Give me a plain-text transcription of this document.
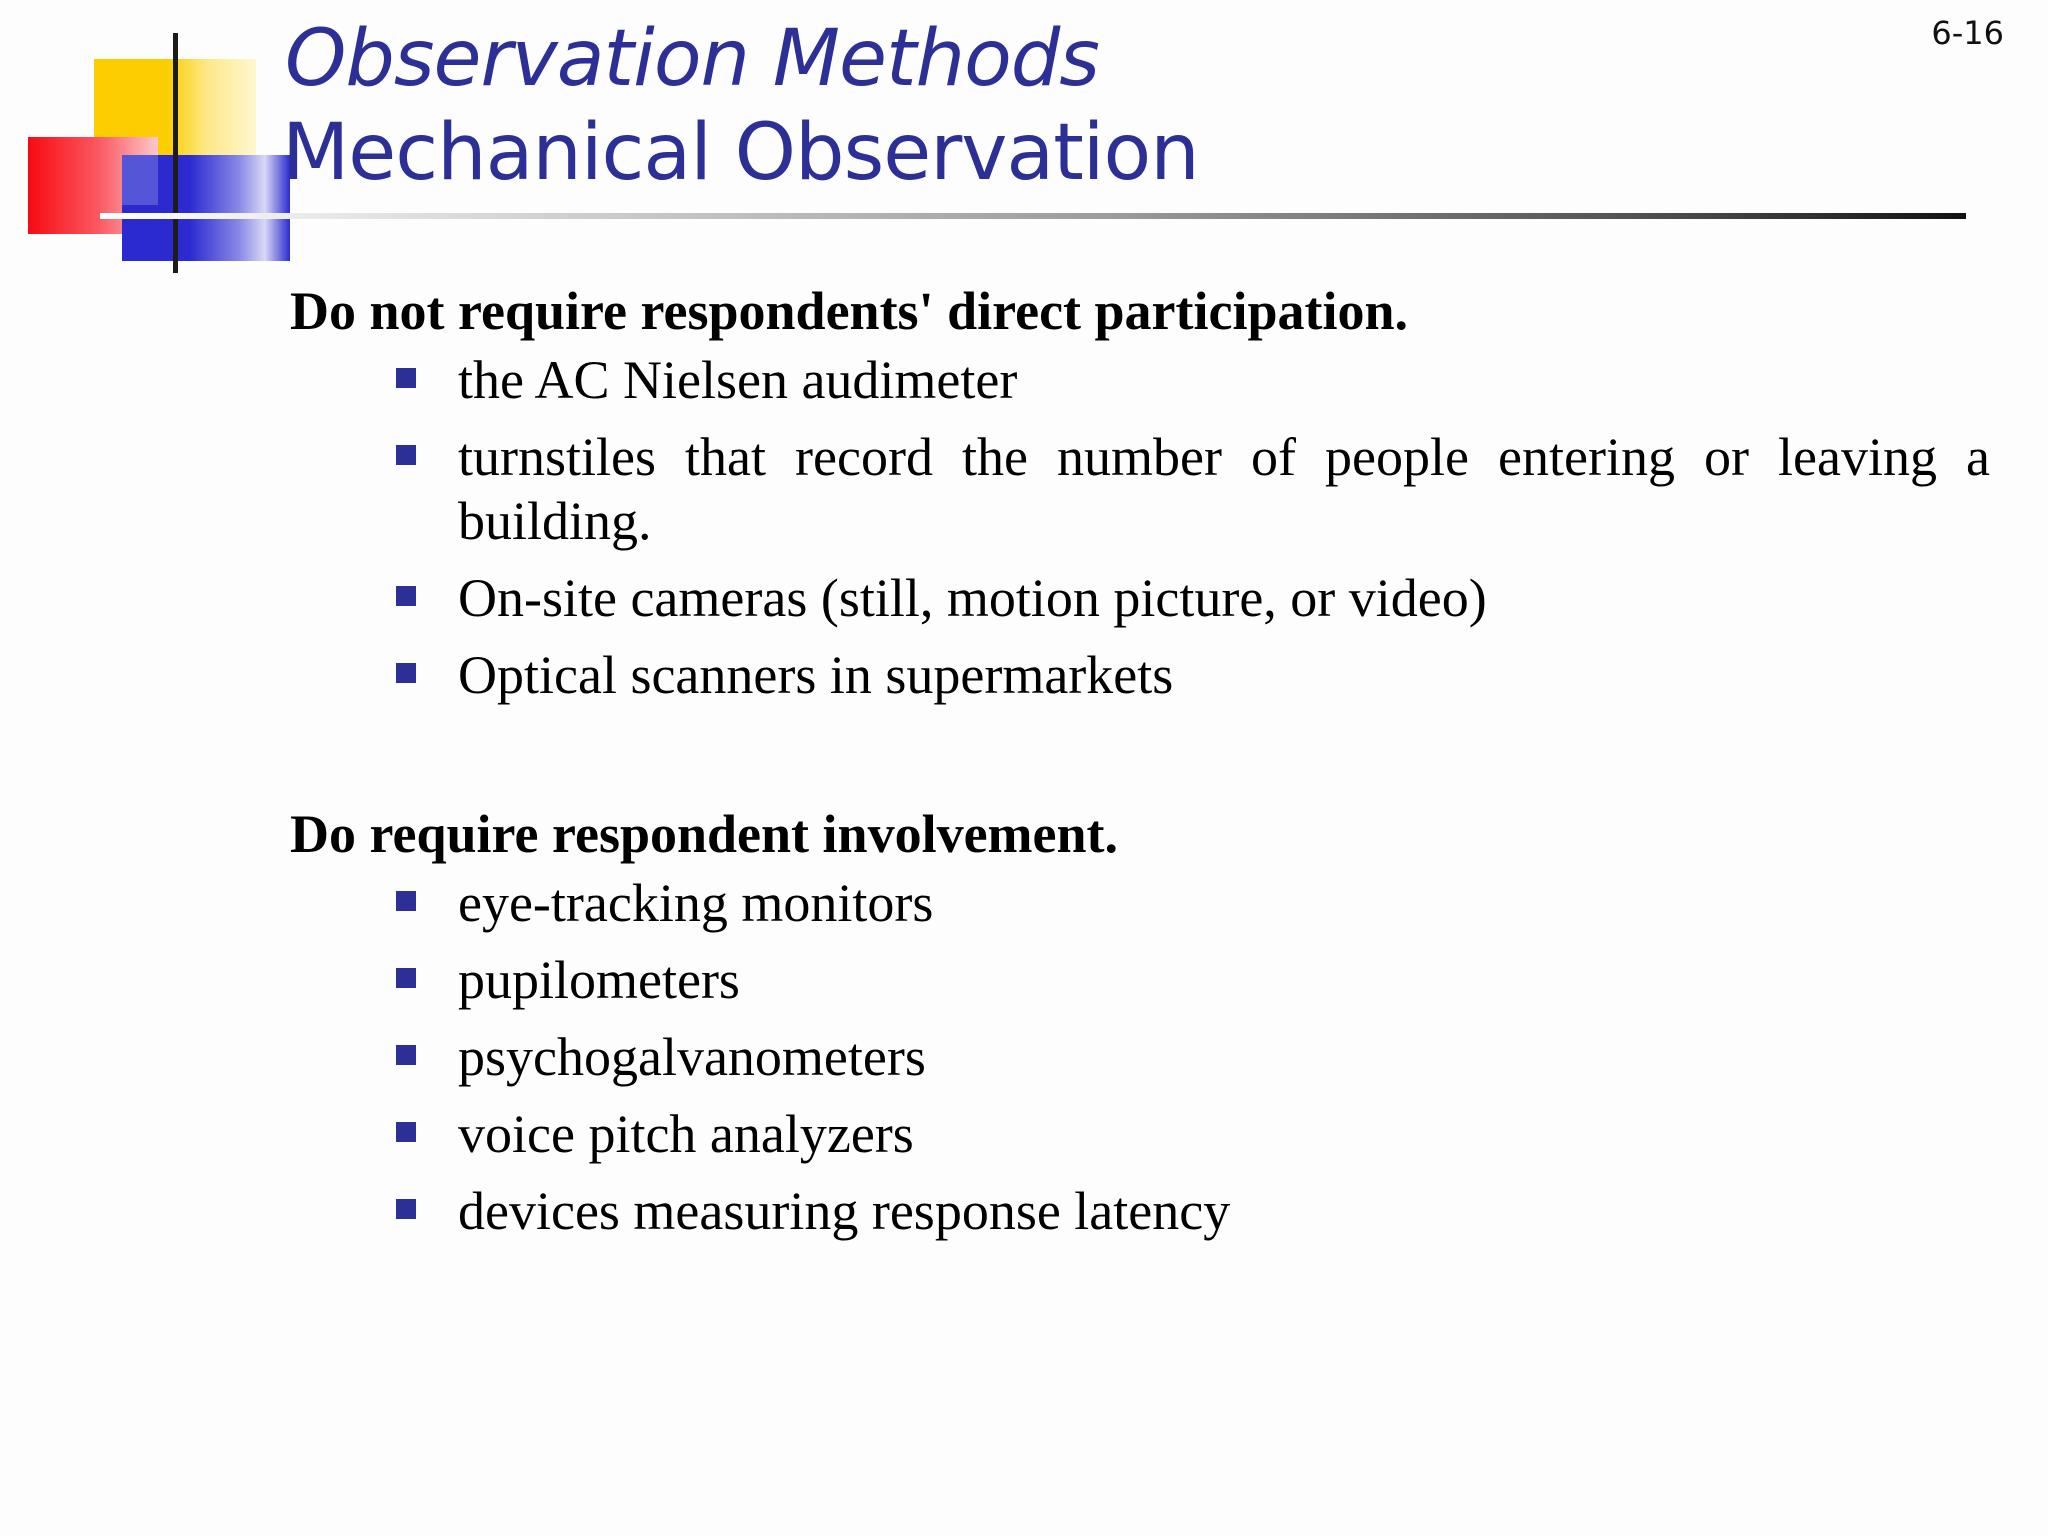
Observation Methods
Mechanical Observation
6-16

Do not require respondents' direct participation.

the AC Nielsen audimeter
turnstiles that record the number of people entering or leaving a building.
On-site cameras (still, motion picture, or video)
Optical scanners in supermarkets

Do require respondent involvement.

eye-tracking monitors
pupilometers
psychogalvanometers
voice pitch analyzers
devices measuring response latency
